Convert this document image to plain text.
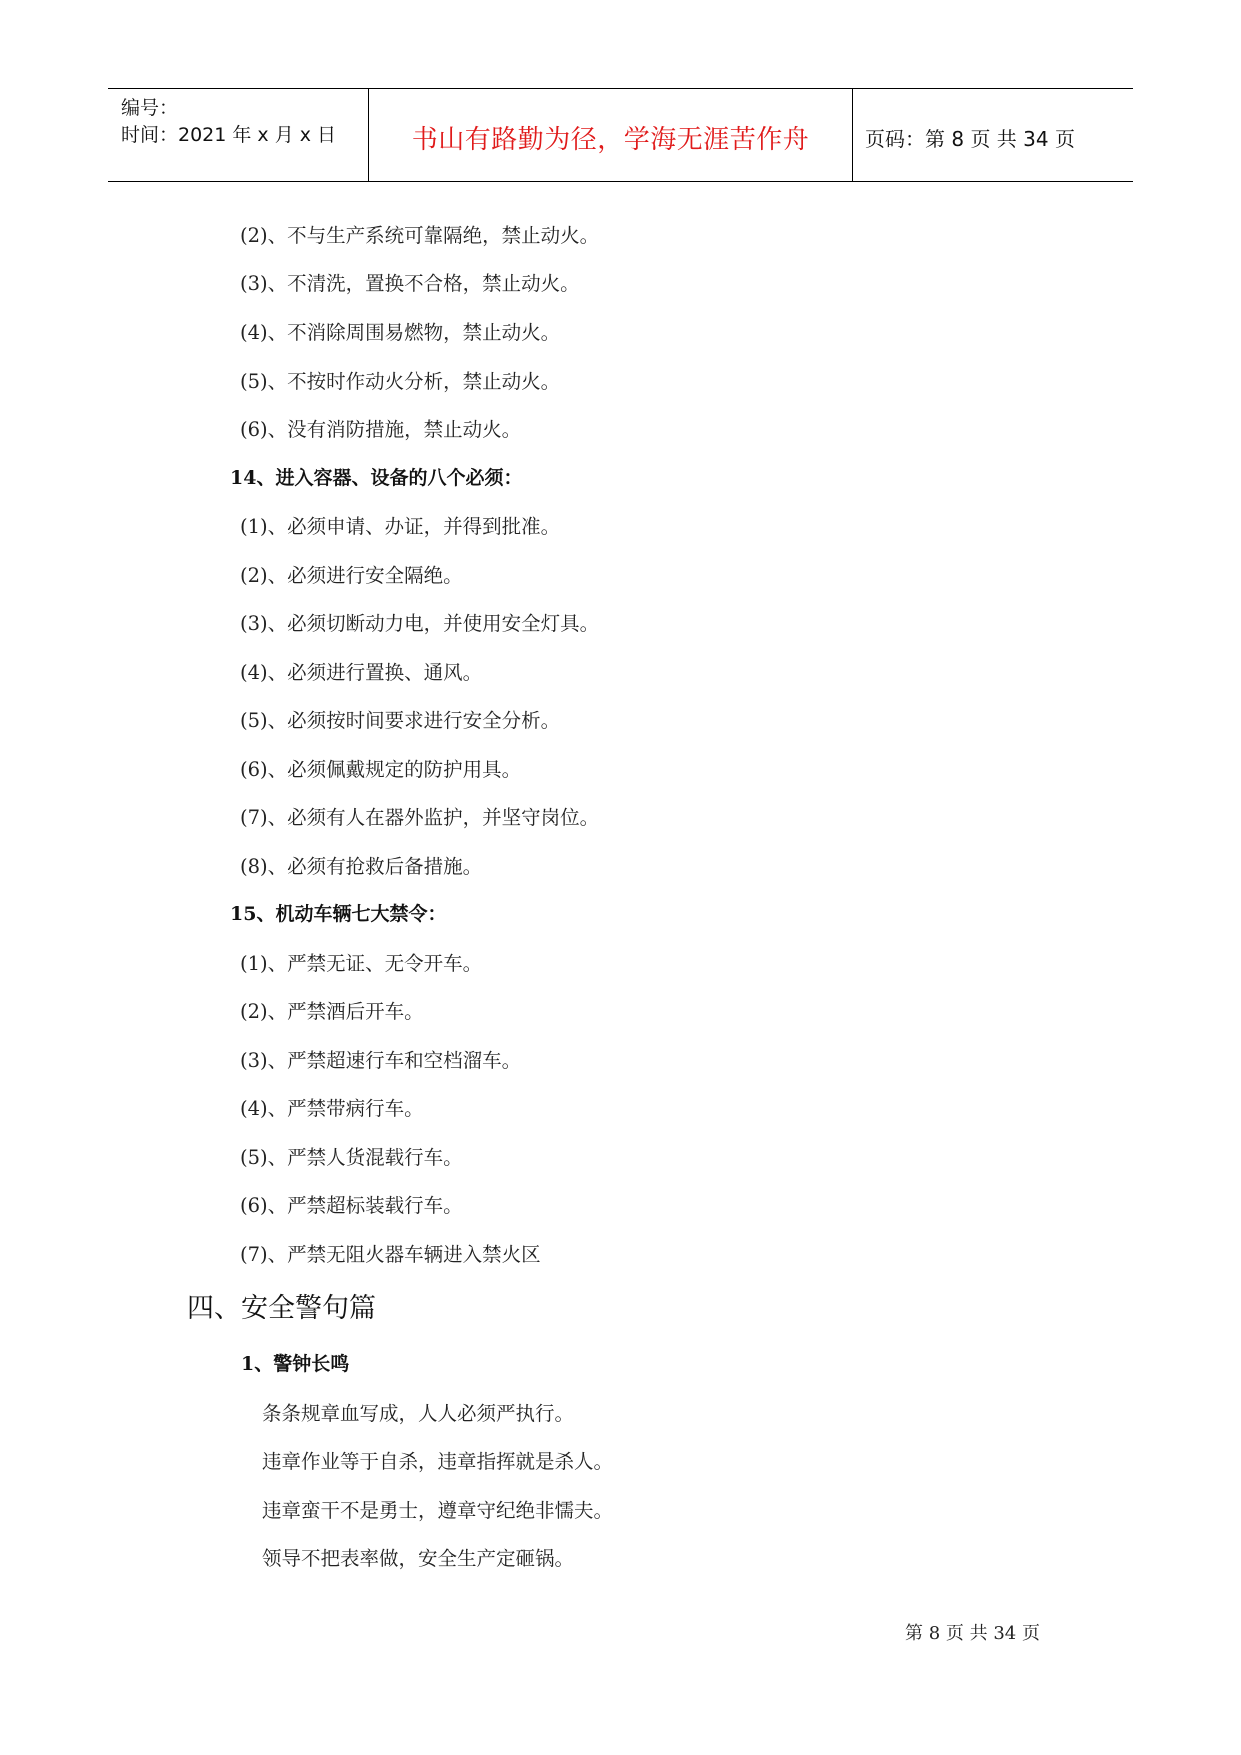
编号：
时间：2021 年 x 月 x 日	书山有路勤为径，学海无涯苦作舟	页码：第 8 页 共 34 页
(2)、不与生产系统可靠隔绝，禁止动火。
(3)、不清洗，置换不合格，禁止动火。
(4)、不消除周围易燃物，禁止动火。
(5)、不按时作动火分析，禁止动火。
(6)、没有消防措施，禁止动火。
14、进入容器、设备的八个必须：
(1)、必须申请、办证，并得到批准。
(2)、必须进行安全隔绝。
(3)、必须切断动力电，并使用安全灯具。
(4)、必须进行置换、通风。
(5)、必须按时间要求进行安全分析。
(6)、必须佩戴规定的防护用具。
(7)、必须有人在器外监护，并坚守岗位。
(8)、必须有抢救后备措施。
15、机动车辆七大禁令：
(1)、严禁无证、无令开车。
(2)、严禁酒后开车。
(3)、严禁超速行车和空档溜车。
(4)、严禁带病行车。
(5)、严禁人货混载行车。
(6)、严禁超标装载行车。
(7)、严禁无阻火器车辆进入禁火区
四、安全警句篇
1、警钟长鸣
条条规章血写成，人人必须严执行。
违章作业等于自杀，违章指挥就是杀人。
违章蛮干不是勇士，遵章守纪绝非懦夫。
领导不把表率做，安全生产定砸锅。
第 8 页 共 34 页
